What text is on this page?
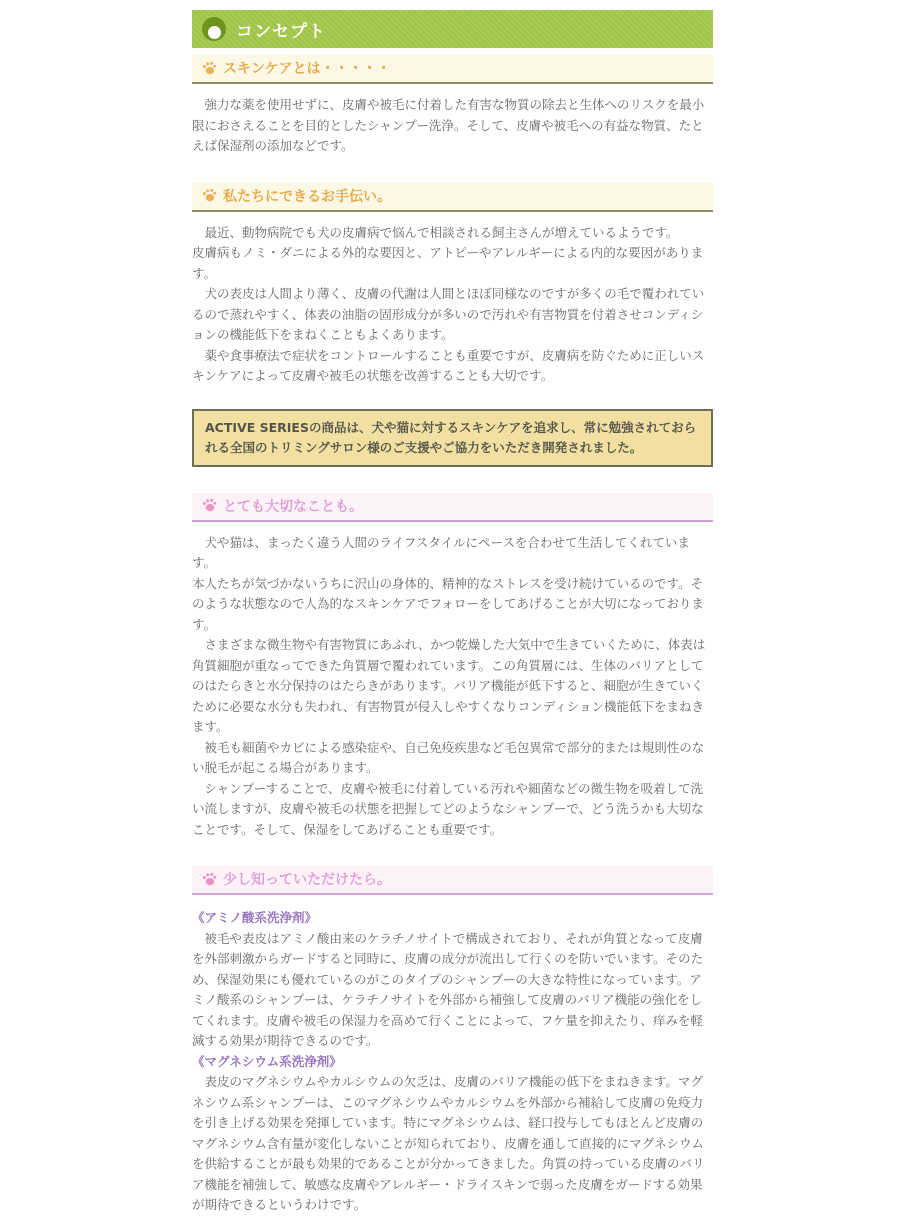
コンセプト
スキンケアとは・・・・・

　強力な薬を使用せずに、皮膚や被毛に付着した有害な物質の除去と生体へのリスクを最小限におさえることを目的としたシャンプー洗浄。そして、皮膚や被毛への有益な物質、たとえば保湿剤の添加などです。

私たちにできるお手伝い。

　最近、動物病院でも犬の皮膚病で悩んで相談される飼主さんが増えているようです。

皮膚病もノミ・ダニによる外的な要因と、アトピーやアレルギーによる内的な要因があります。

　犬の表皮は人間より薄く、皮膚の代謝は人間とほぼ同様なのですが多くの毛で覆われているので蒸れやすく、体表の油脂の固形成分が多いので汚れや有害物質を付着させコンディションの機能低下をまねくこともよくあります。

　薬や食事療法で症状をコントロールすることも重要ですが、皮膚病を防ぐために正しいスキンケアによって皮膚や被毛の状態を改善することも大切です。

ACTIVE SERIESの商品は、犬や猫に対するスキンケアを追求し、常に勉強されておられる全国のトリミングサロン様のご支援やご協力をいただき開発されました。
とても大切なことも。

　犬や猫は、まったく違う人間のライフスタイルにペースを合わせて生活してくれています。

本人たちが気づかないうちに沢山の身体的、精神的なストレスを受け続けているのです。そのような状態なので人為的なスキンケアでフォローをしてあげることが大切になっております。

　さまざまな微生物や有害物質にあふれ、かつ乾燥した大気中で生きていくために、体表は角質細胞が重なってできた角質層で覆われています。この角質層には、生体のバリアとしてのはたらきと水分保持のはたらきがあります。バリア機能が低下すると、細胞が生きていくために必要な水分も失われ、有害物質が侵入しやすくなりコンディション機能低下をまねきます。

　被毛も細菌やカビによる感染症や、自己免疫疾患など毛包異常で部分的または規則性のない脱毛が起こる場合があります。

　シャンプーすることで、皮膚や被毛に付着している汚れや細菌などの微生物を吸着して洗い流しますが、皮膚や被毛の状態を把握してどのようなシャンプーで、どう洗うかも大切なことです。そして、保湿をしてあげることも重要です。

少し知っていただけたら。

《アミノ酸系洗浄剤》

　被毛や表皮はアミノ酸由来のケラチノサイトで構成されており、それが角質となって皮膚を外部刺激からガードすると同時に、皮膚の成分が流出して行くのを防いでいます。そのため、保湿効果にも優れているのがこのタイプのシャンプーの大きな特性になっています。アミノ酸系のシャンプーは、ケラチノサイトを外部から補強して皮膚のバリア機能の強化をしてくれます。皮膚や被毛の保湿力を高めて行くことによって、フケ量を抑えたり、痒みを軽減する効果が期待できるのです。

《マグネシウム系洗浄剤》

　表皮のマグネシウムやカルシウムの欠乏は、皮膚のバリア機能の低下をまねきます。マグネシウム系シャンプーは、このマグネシウムやカルシウムを外部から補給して皮膚の免疫力を引き上げる効果を発揮しています。特にマグネシウムは、経口投与してもほとんど皮膚のマグネシウム含有量が変化しないことが知られており、皮膚を通して直接的にマグネシウムを供給することが最も効果的であることが分かってきました。角質の持っている皮膚のバリア機能を補強して、敏感な皮膚やアレルギー・ドライスキンで弱った皮膚をガードする効果が期待できるというわけです。
